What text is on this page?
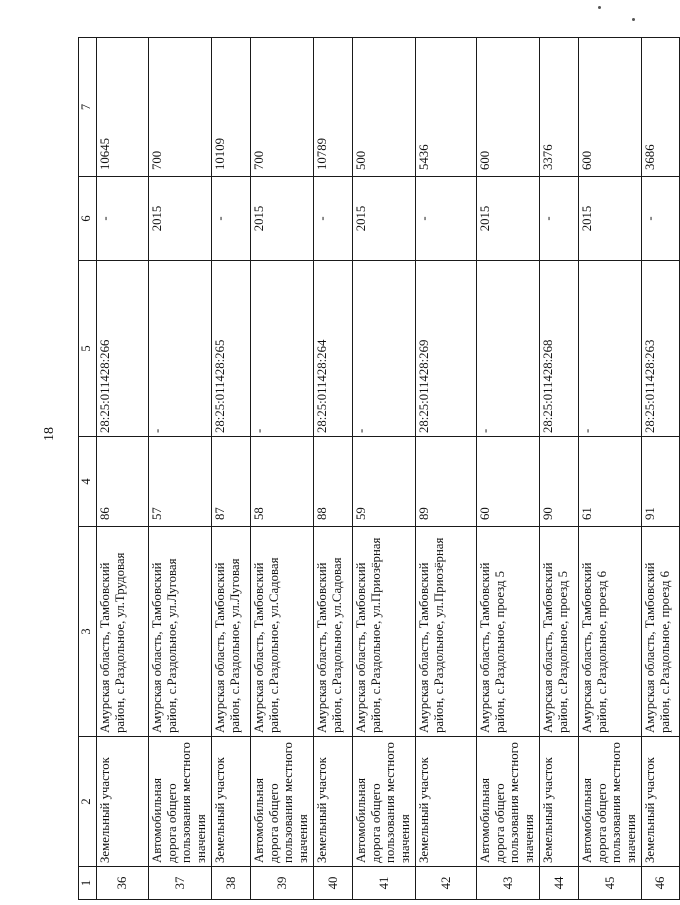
18
1	2	3	4	5	6	7
36	Земельный участок	Амурская область, Тамбовский район, с.Раздольное, ул.Трудовая	86	28:25:011428:266	-	10645
37	Автомобильная дорога общего пользования местного значения	Амурская область, Тамбовский район, с.Раздольное, ул.Луговая	57	-	2015	700
38	Земельный участок	Амурская область, Тамбовский район, с.Раздольное, ул.Луговая	87	28:25:011428:265	-	10109
39	Автомобильная дорога общего пользования местного значения	Амурская область, Тамбовский район, с.Раздольное, ул.Садовая	58	-	2015	700
40	Земельный участок	Амурская область, Тамбовский район, с.Раздольное, ул.Садовая	88	28:25:011428:264	-	10789
41	Автомобильная дорога общего пользования местного значения	Амурская область, Тамбовский район, с.Раздольное, ул.Приозёрная	59	-	2015	500
42	Земельный участок	Амурская область, Тамбовский район, с.Раздольное, ул.Приозёрная	89	28:25:011428:269	-	5436
43	Автомобильная дорога общего пользования местного значения	Амурская область, Тамбовский район, с.Раздольное, проезд 5	60	-	2015	600
44	Земельный участок	Амурская область, Тамбовский район, с.Раздольное, проезд 5	90	28:25:011428:268	-	3376
45	Автомобильная дорога общего пользования местного значения	Амурская область, Тамбовский район, с.Раздольное, проезд 6	61	-	2015	600
46	Земельный участок	Амурская область, Тамбовский район, с.Раздольное, проезд 6	91	28:25:011428:263	-	3686
